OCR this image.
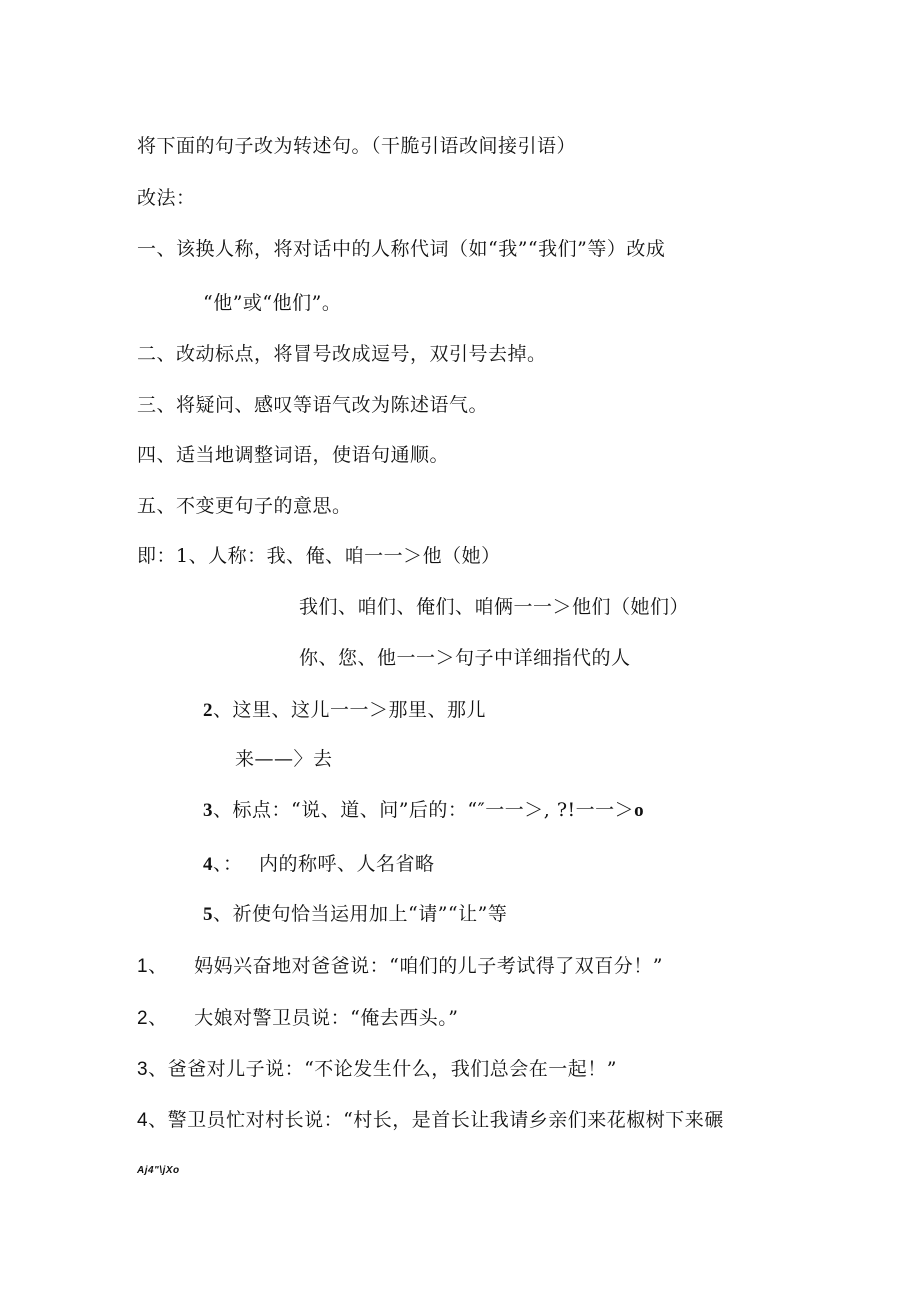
将下面的句子改为转述句。（干脆引语改间接引语）
改法：
一、该换人称，将对话中的人称代词（如“我”“我们”等）改成
“他”或“他们”。
二、改动标点，将冒号改成逗号，双引号去掉。
三、将疑问、感叹等语气改为陈述语气。
四、适当地调整词语，使语句通顺。
五、不变更句子的意思。
即：1、人称：我、俺、咱一一＞他（她）
我们、咱们、俺们、咱俩一一＞他们（她们）
你、您、他一一＞句子中详细指代的人
2、这里、这儿一一＞那里、那儿
来——〉去
3、标点：“说、道、问”后的：“″一一＞, ?!一一＞o
4、：　 内的称呼、人名省略
5、祈使句恰当运用加上“请”“让”等
1、 妈妈兴奋地对爸爸说：“咱们的儿子考试得了双百分！”
2、 大娘对警卫员说：“俺去西头。”
3、爸爸对儿子说：“不论发生什么，我们总会在一起！”
4、警卫员忙对村长说：“村长，是首长让我请乡亲们来花椒树下来碾
Aj4"\jXo
